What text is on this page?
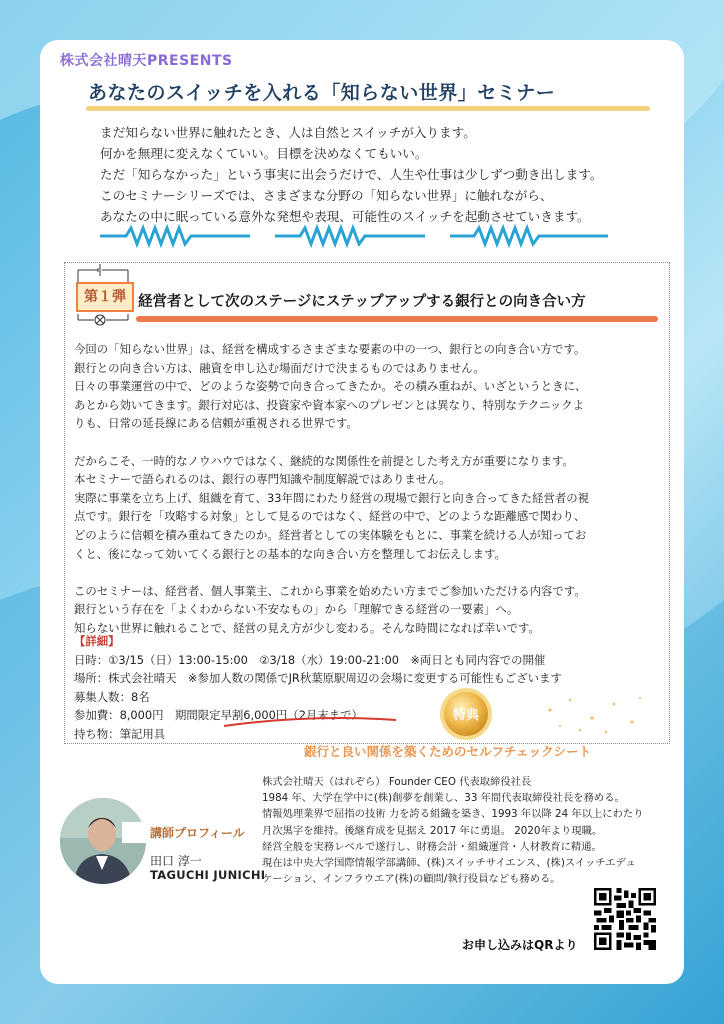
株式会社晴天PRESENTS
あなたのスイッチを入れる「知らない世界」セミナー
まだ知らない世界に触れたとき、人は自然とスイッチが入ります。
何かを無理に変えなくていい。目標を決めなくてもいい。
ただ「知らなかった」という事実に出会うだけで、人生や仕事は少しずつ動き出します。
このセミナーシリーズでは、さまざまな分野の「知らない世界」に触れながら、
あなたの中に眠っている意外な発想や表現、可能性のスイッチを起動させていきます。
第１弾 経営者として次のステージにステップアップする銀行との向き合い方
今回の「知らない世界」は、経営を構成するさまざまな要素の中の一つ、銀行との向き合い方です。
銀行との向き合い方は、融資を申し込む場面だけで決まるものではありません。
日々の事業運営の中で、どのような姿勢で向き合ってきたか。その積み重ねが、いざというときに、
あとから効いてきます。銀行対応は、投資家や資本家へのプレゼンとは異なり、特別なテクニックよ
りも、日常の延長線にある信頼が重視される世界です。
だからこそ、一時的なノウハウではなく、継続的な関係性を前提とした考え方が重要になります。
本セミナーで語られるのは、銀行の専門知識や制度解説ではありません。
実際に事業を立ち上げ、組織を育て、33年間にわたり経営の現場で銀行と向き合ってきた経営者の視
点です。銀行を「攻略する対象」として見るのではなく、経営の中で、どのような距離感で関わり、
どのように信頼を積み重ねてきたのか。経営者としての実体験をもとに、事業を続ける人が知ってお
くと、後になって効いてくる銀行との基本的な向き合い方を整理してお伝えします。
このセミナーは、経営者、個人事業主、これから事業を始めたい方までご参加いただける内容です。
銀行という存在を「よくわからない不安なもの」から「理解できる経営の一要素」へ。
知らない世界に触れることで、経営の見え方が少し変わる。そんな時間になれば幸いです。
【詳細】
日時：①3/15（日）13:00-15:00　②3/18（水）19:00-21:00　※両日とも同内容での開催
場所：株式会社晴天　※参加人数の関係でJR秋葉原駅周辺の会場に変更する可能性もございます
募集人数：8名
参加費：8,000円　期間限定早割6,000円（2月末まで）
持ち物：筆記用具
特典
銀行と良い関係を築くためのセルフチェックシート
講師プロフィール
田口 淳一
TAGUCHI JUNICHI
株式会社晴天（はれぞら） Founder CEO 代表取締役社長
1984 年、大学在学中に(株)創夢を創業し、33 年間代表取締役社長を務める。
情報処理業界で屈指の技術 力を誇る組織を築き、1993 年以降 24 年以上にわたり
月次黒字を維持。後継育成を見据え 2017 年に勇退。 2020年より現職。
経営全般を実務レベルで遂行し、財務会計・組織運営・人材教育に精通。
現在は中央大学国際情報学部講師、(株)スイッチサイエンス、(株)スイッチエデュ
ケーション、インフラウエア(株)の顧問/執行役員なども務める。
お申し込みはQRより
